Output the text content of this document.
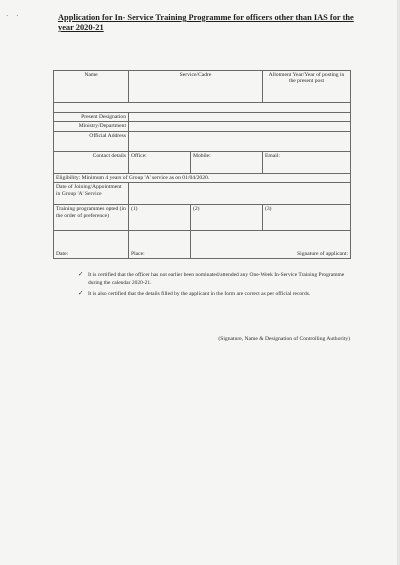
· ·	Application for In- Service Training Programme for officers other than IAS for the year 2020-21
Name	Service/Cadre		Allotment Year/Year of posting in the present post

Present Designation			
Ministry/Department			
Official Address			
Contact details	Office:	Mobile:	Email:
Eligibility: Minimum 4 years of Group 'A' service as on 01/04/2020.			
Date of Joining/Appointment in Group 'A' Service			
Training programmes opted (in the order of preference)	(1)	(2)	(3)
Date:	Place:	Signature of applicant:	
✓ It is certified that the officer has not earlier been nominated/attended any One-Week In-Service Training Programme during the calendar 2020-21.
✓ It is also certified that the details filled by the applicant in the form are correct as per official records.
(Signature, Name & Designation of Controlling Authority)
